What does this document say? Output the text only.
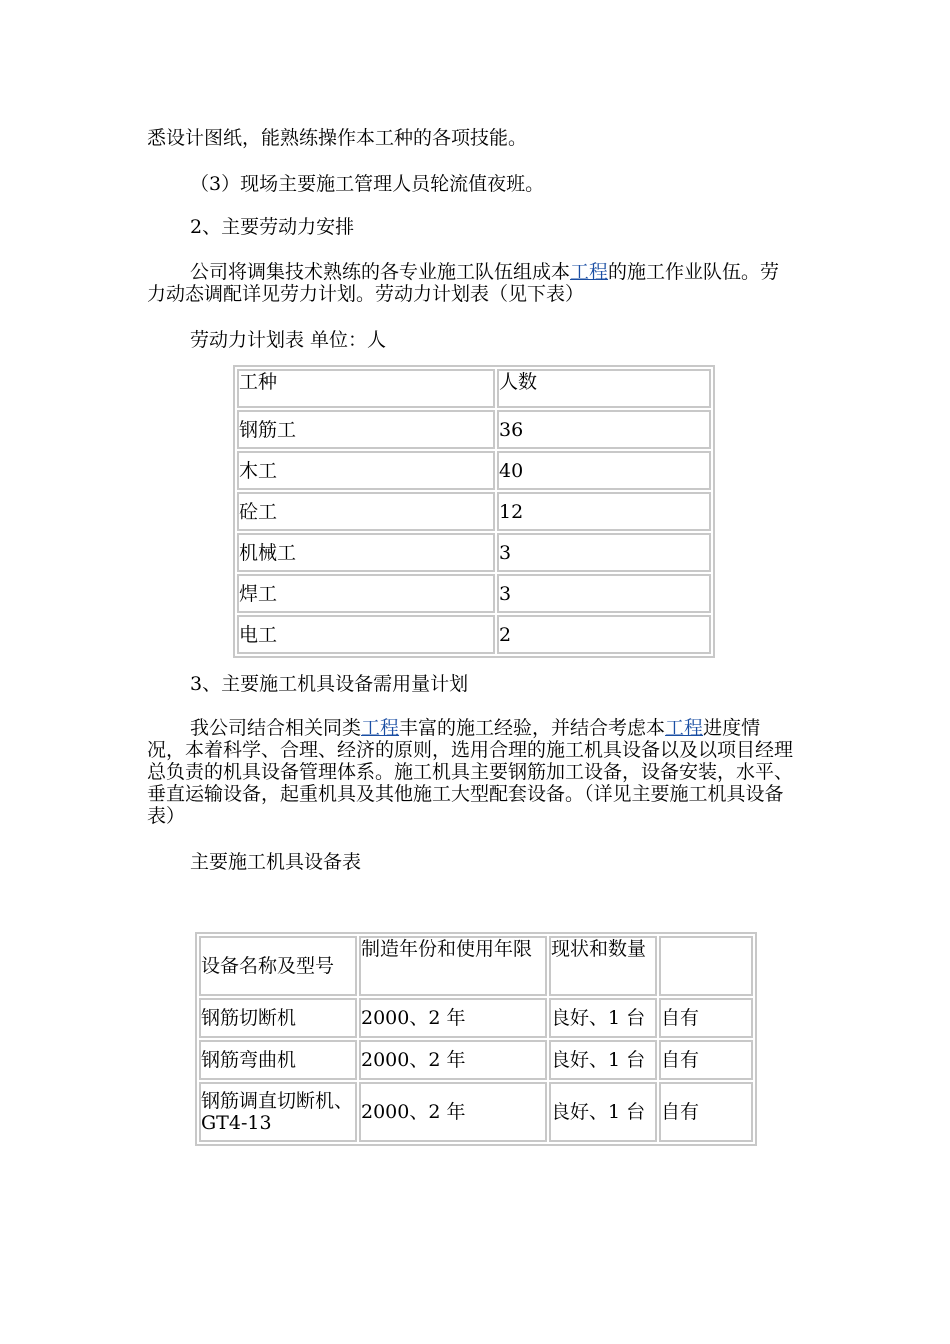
悉设计图纸，能熟练操作本工种的各项技能。

（3）现场主要施工管理人员轮流值夜班。

2、主要劳动力安排

公司将调集技术熟练的各专业施工队伍组成本工程的施工作业队伍。劳力动态调配详见劳力计划。劳动力计划表（见下表）

劳动力计划表 单位：人

工种	人数
钢筋工	36
木工	40
砼工	12
机械工	3
焊工	3
电工	2

3、主要施工机具设备需用量计划

我公司结合相关同类工程丰富的施工经验，并结合考虑本工程进度情况，本着科学、合理、经济的原则，选用合理的施工机具设备以及以项目经理总负责的机具设备管理体系。施工机具主要钢筋加工设备，设备安装，水平、垂直运输设备，起重机具及其他施工大型配套设备。（详见主要施工机具设备表）

主要施工机具设备表

设备名称及型号	制造年份和使用年限	现状和数量	
钢筋切断机	2000、2 年	良好、1 台	自有
钢筋弯曲机	2000、2 年	良好、1 台	自有
钢筋调直切断机、GT4-13	2000、2 年	良好、1 台	自有
